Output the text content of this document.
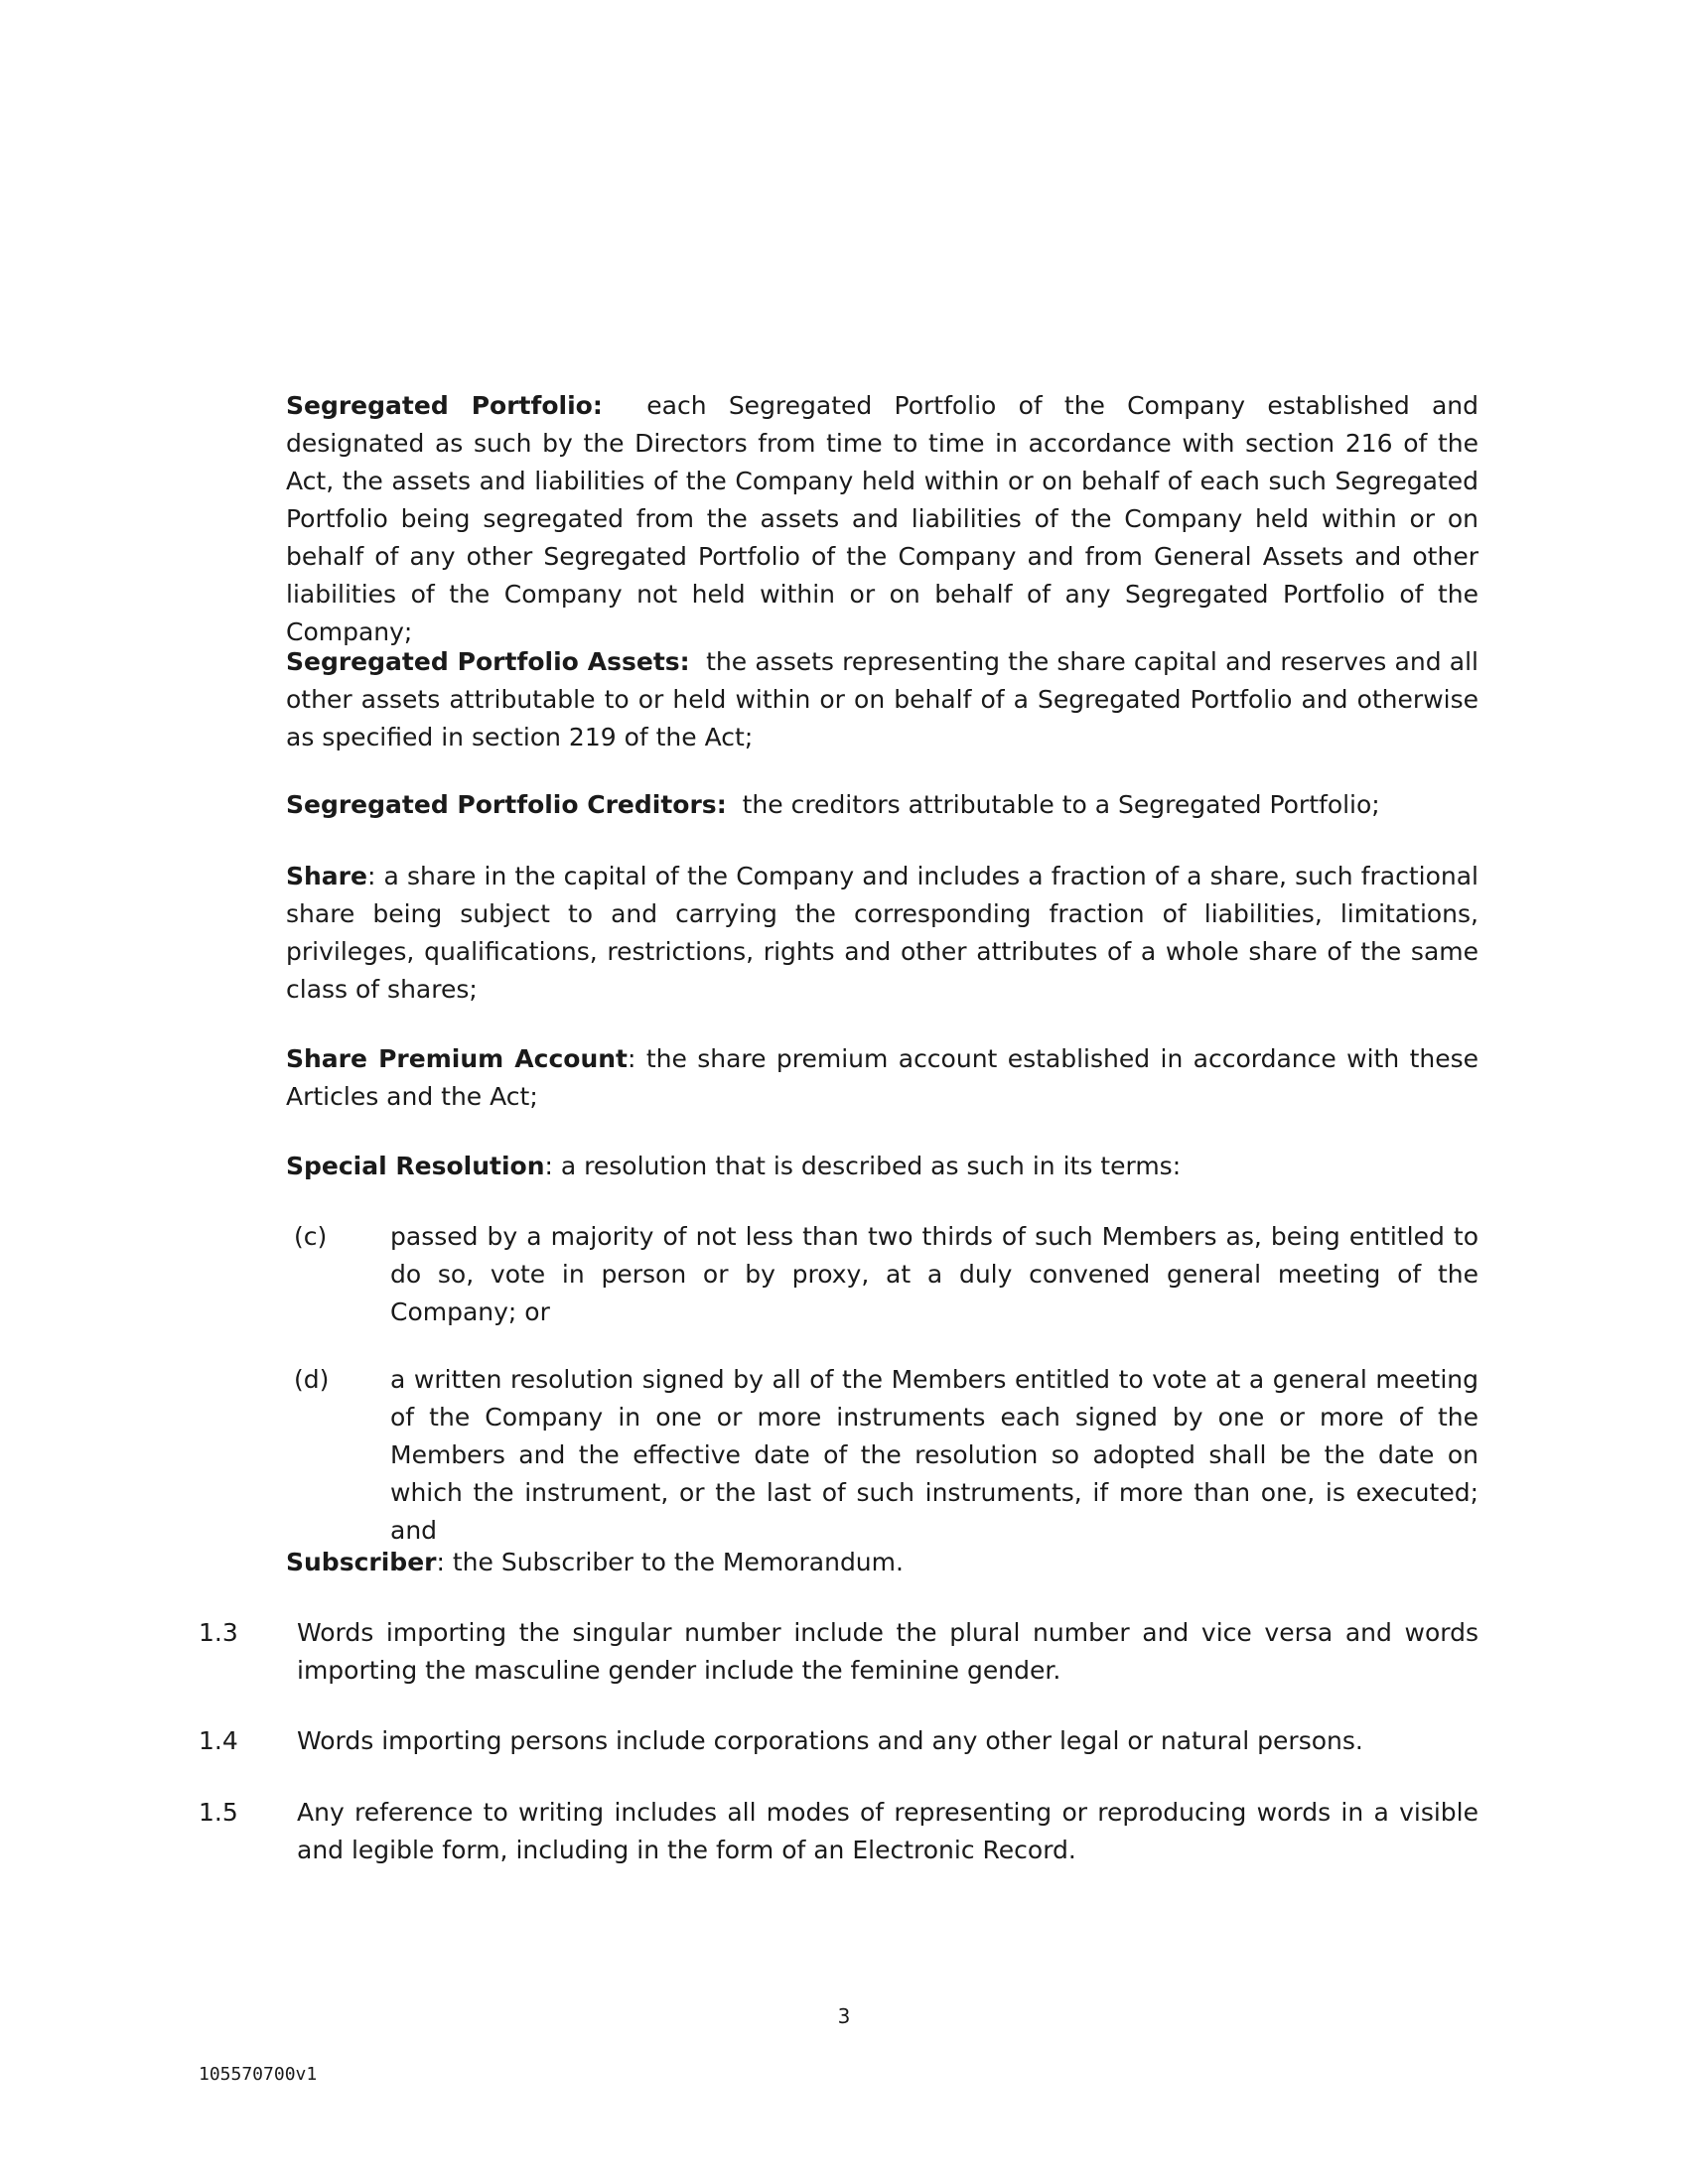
Segregated Portfolio: each Segregated Portfolio of the Company established and designated as such by the Directors from time to time in accordance with section 216 of the Act, the assets and liabilities of the Company held within or on behalf of each such Segregated Portfolio being segregated from the assets and liabilities of the Company held within or on behalf of any other Segregated Portfolio of the Company and from General Assets and other liabilities of the Company not held within or on behalf of any Segregated Portfolio of the Company;

Segregated Portfolio Assets: the assets representing the share capital and reserves and all other assets attributable to or held within or on behalf of a Segregated Portfolio and otherwise as specified in section 219 of the Act;

Segregated Portfolio Creditors: the creditors attributable to a Segregated Portfolio;

Share: a share in the capital of the Company and includes a fraction of a share, such fractional share being subject to and carrying the corresponding fraction of liabilities, limitations, privileges, qualifications, restrictions, rights and other attributes of a whole share of the same class of shares;

Share Premium Account: the share premium account established in accordance with these Articles and the Act;

Special Resolution: a resolution that is described as such in its terms:

(c)	passed by a majority of not less than two thirds of such Members as, being entitled to do so, vote in person or by proxy, at a duly convened general meeting of the Company; or

(d) a written resolution signed by all of the Members entitled to vote at a general meeting of the Company in one or more instruments each signed by one or more of the Members and the effective date of the resolution so adopted shall be the date on which the instrument, or the last of such instruments, if more than one, is executed; and

Subscriber: the Subscriber to the Memorandum.

1.3 Words importing the singular number include the plural number and vice versa and words importing the masculine gender include the feminine gender.

1.4 Words importing persons include corporations and any other legal or natural persons.

1.5 Any reference to writing includes all modes of representing or reproducing words in a visible and legible form, including in the form of an Electronic Record.

3
105570700v1
